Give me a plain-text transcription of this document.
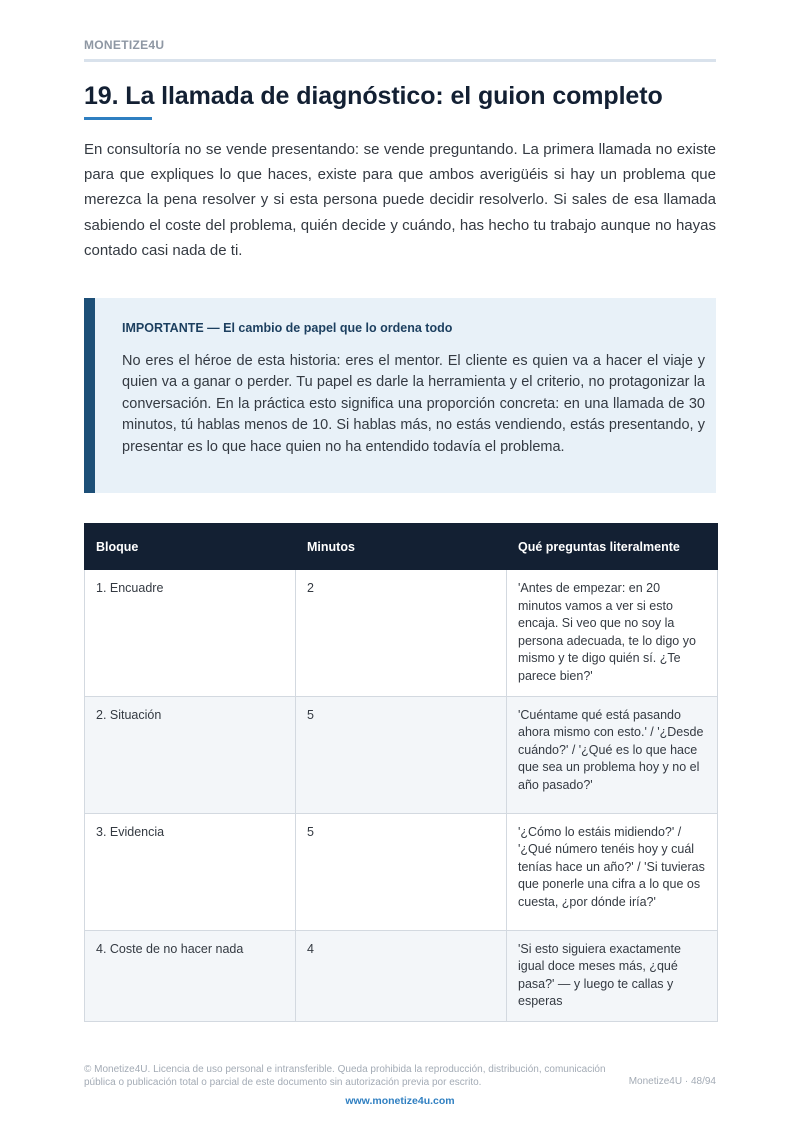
MONETIZE4U
19. La llamada de diagnóstico: el guion completo

En consultoría no se vende presentando: se vende preguntando. La primera llamada no existe para que expliques lo que haces, existe para que ambos averigüéis si hay un problema que merezca la pena resolver y si esta persona puede decidir resolverlo. Si sales de esa llamada sabiendo el coste del problema, quién decide y cuándo, has hecho tu trabajo aunque no hayas contado casi nada de ti.

IMPORTANTE — El cambio de papel que lo ordena todo

No eres el héroe de esta historia: eres el mentor. El cliente es quien va a hacer el viaje y quien va a ganar o perder. Tu papel es darle la herramienta y el criterio, no protagonizar la conversación. En la práctica esto significa una proporción concreta: en una llamada de 30 minutos, tú hablas menos de 10. Si hablas más, no estás vendiendo, estás presentando, y presentar es lo que hace quien no ha entendido todavía el problema.

Bloque	Minutos	Qué preguntas literalmente
1. Encuadre	2	'Antes de empezar: en 20 minutos vamos a ver si esto encaja. Si veo que no soy la persona adecuada, te lo digo yo mismo y te digo quién sí. ¿Te parece bien?'
2. Situación	5	'Cuéntame qué está pasando ahora mismo con esto.' / '¿Desde cuándo?' / '¿Qué es lo que hace que sea un problema hoy y no el año pasado?'
3. Evidencia	5	'¿Cómo lo estáis midiendo?' / '¿Qué número tenéis hoy y cuál tenías hace un año?' / 'Si tuvieras que ponerle una cifra a lo que os cuesta, ¿por dónde iría?'
4. Coste de no hacer nada	4	'Si esto siguiera exactamente igual doce meses más, ¿qué pasa?' — y luego te callas y esperas
© Monetize4U. Licencia de uso personal e intransferible. Queda prohibida la reproducción, distribución, comunicación pública o publicación total o parcial de este documento sin autorización previa por escrito.	Monetize4U · 48/94
www.monetize4u.com
